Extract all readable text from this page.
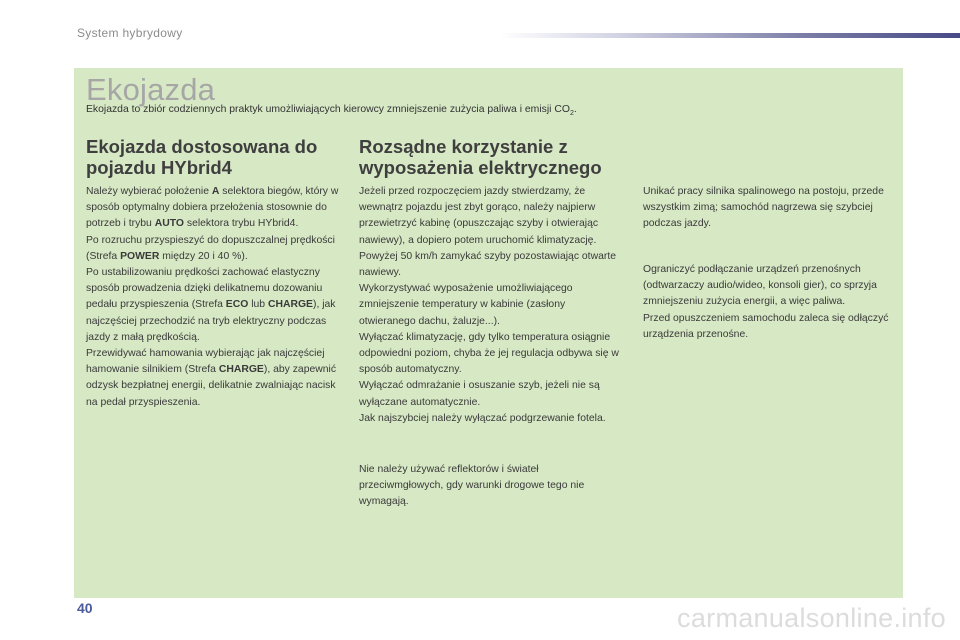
System hybrydowy
Ekojazda
Ekojazda to zbiór codziennych praktyk umożliwiających kierowcy zmniejszenie zużycia paliwa i emisji $CO_2$.
Ekojazda dostosowana do pojazdu HYbrid4
Rozsądne korzystanie z wyposażenia elektrycznego
Należy wybierać położenie A selektora biegów, który w sposób optymalny dobiera przełożenia stosownie do potrzeb i trybu AUTO selektora trybu HYbrid4.
Po rozruchu przyspieszyć do dopuszczalnej prędkości (Strefa POWER między 20 i 40 %).
Po ustabilizowaniu prędkości zachować elastyczny sposób prowadzenia dzięki delikatnemu dozowaniu pedału przyspieszenia (Strefa ECO lub CHARGE), jak najczęściej przechodzić na tryb elektryczny podczas jazdy z małą prędkością.
Przewidywać hamowania wybierając jak najczęściej hamowanie silnikiem (Strefa CHARGE), aby zapewnić odzysk bezpłatnej energii, delikatnie zwalniając nacisk na pedał przyspieszenia.
Jeżeli przed rozpoczęciem jazdy stwierdzamy, że wewnątrz pojazdu jest zbyt gorąco, należy najpierw przewietrzyć kabinę (opuszczając szyby i otwierając nawiewy), a dopiero potem uruchomić klimatyzację.
Powyżej 50 km/h zamykać szyby pozostawiając otwarte nawiewy.
Wykorzystywać wyposażenie umożliwiającego zmniejszenie temperatury w kabinie (zasłony otwieranego dachu, żaluzje...).
Wyłączać klimatyzację, gdy tylko temperatura osiągnie odpowiedni poziom, chyba że jej regulacja odbywa się w sposób automatyczny.
Wyłączać odmrażanie i osuszanie szyb, jeżeli nie są wyłączane automatycznie.
Jak najszybciej należy wyłączać podgrzewanie fotela.
Nie należy używać reflektorów i świateł przeciwmgłowych, gdy warunki drogowe tego nie wymagają.
Unikać pracy silnika spalinowego na postoju, przede wszystkim zimą; samochód nagrzewa się szybciej podczas jazdy.
Ograniczyć podłączanie urządzeń przenośnych (odtwarzaczy audio/wideo, konsoli gier), co sprzyja zmniejszeniu zużycia energii, a więc paliwa.
Przed opuszczeniem samochodu zaleca się odłączyć urządzenia przenośne.
40	carmanualsonline.info
